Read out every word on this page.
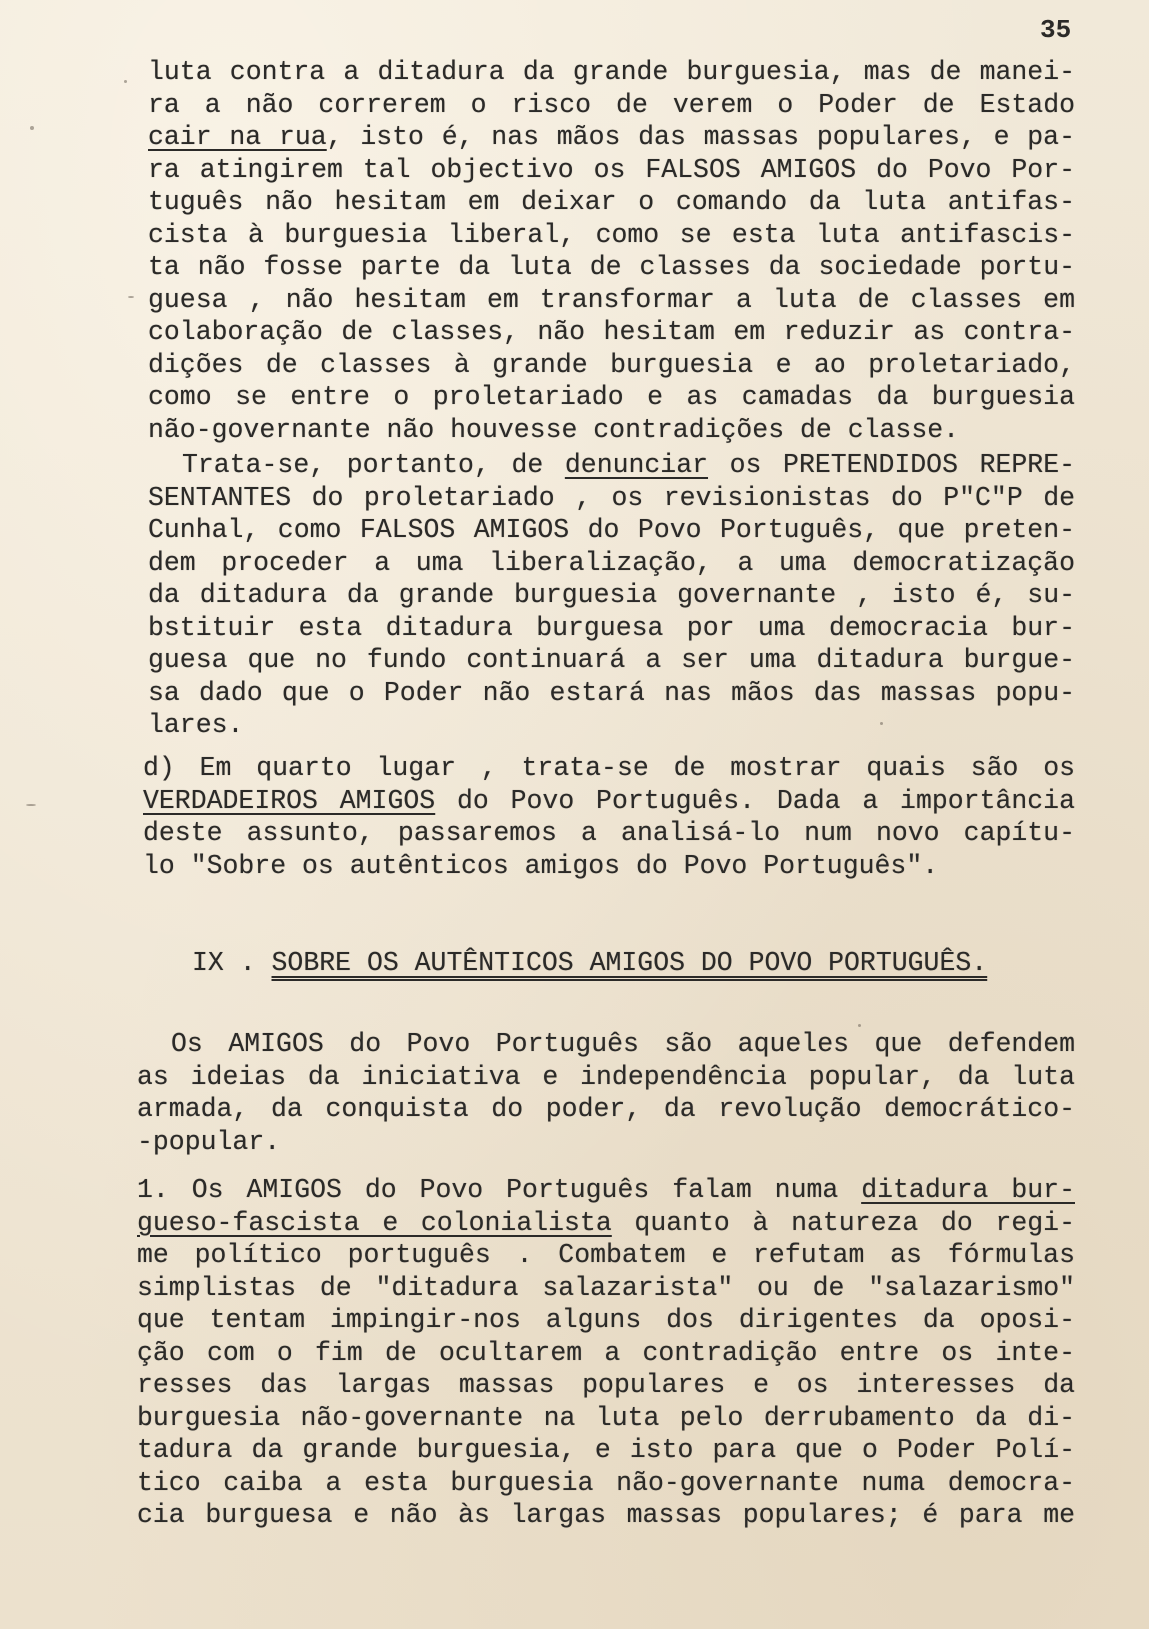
35
luta contra a ditadura da grande burguesia, mas de manei-
ra a não correrem o risco de verem o Poder de Estado
cair na rua, isto é, nas mãos das massas populares, e pa-
ra atingirem tal objectivo os FALSOS AMIGOS do Povo Por-
tuguês não hesitam em deixar o comando da luta antifas-
cista à burguesia liberal, como se esta luta antifascis-
ta não fosse parte da luta de classes da sociedade portu-
guesa , não hesitam em transformar a luta de classes em
colaboração de classes, não hesitam em reduzir as contra-
dições de classes à grande burguesia e ao proletariado,
como se entre o proletariado e as camadas da burguesia
não-governante não houvesse contradições de classe.
Trata-se, portanto, de denunciar os PRETENDIDOS REPRE-
SENTANTES do proletariado , os revisionistas do P"C"P de
Cunhal, como FALSOS AMIGOS do Povo Português, que preten-
dem proceder a uma liberalização, a uma democratização
da ditadura da grande burguesia governante , isto é, su-
bstituir esta ditadura burguesa por uma democracia bur-
guesa que no fundo continuará a ser uma ditadura burgue-
sa dado que o Poder não estará nas mãos das massas popu-
lares.
d) Em quarto lugar , trata-se de mostrar quais são os
VERDADEIROS AMIGOS do Povo Português. Dada a importância
deste assunto, passaremos a analisá-lo num novo capítu-
lo "Sobre os autênticos amigos do Povo Português".
IX . SOBRE OS AUTÊNTICOS AMIGOS DO POVO PORTUGUÊS.
Os AMIGOS do Povo Português são aqueles que defendem
as ideias da iniciativa e independência popular, da luta
armada, da conquista do poder, da revolução democrático-
-popular.
1. Os AMIGOS do Povo Português falam numa ditadura bur-
gueso-fascista e colonialista quanto à natureza do regi-
me político português . Combatem e refutam as fórmulas
simplistas de "ditadura salazarista" ou de "salazarismo"
que tentam impingir-nos alguns dos dirigentes da oposi-
ção com o fim de ocultarem a contradição entre os inte-
resses das largas massas populares e os interesses da
burguesia não-governante na luta pelo derrubamento da di-
tadura da grande burguesia, e isto para que o Poder Polí-
tico caiba a esta burguesia não-governante numa democra-
cia burguesa e não às largas massas populares; é para me
